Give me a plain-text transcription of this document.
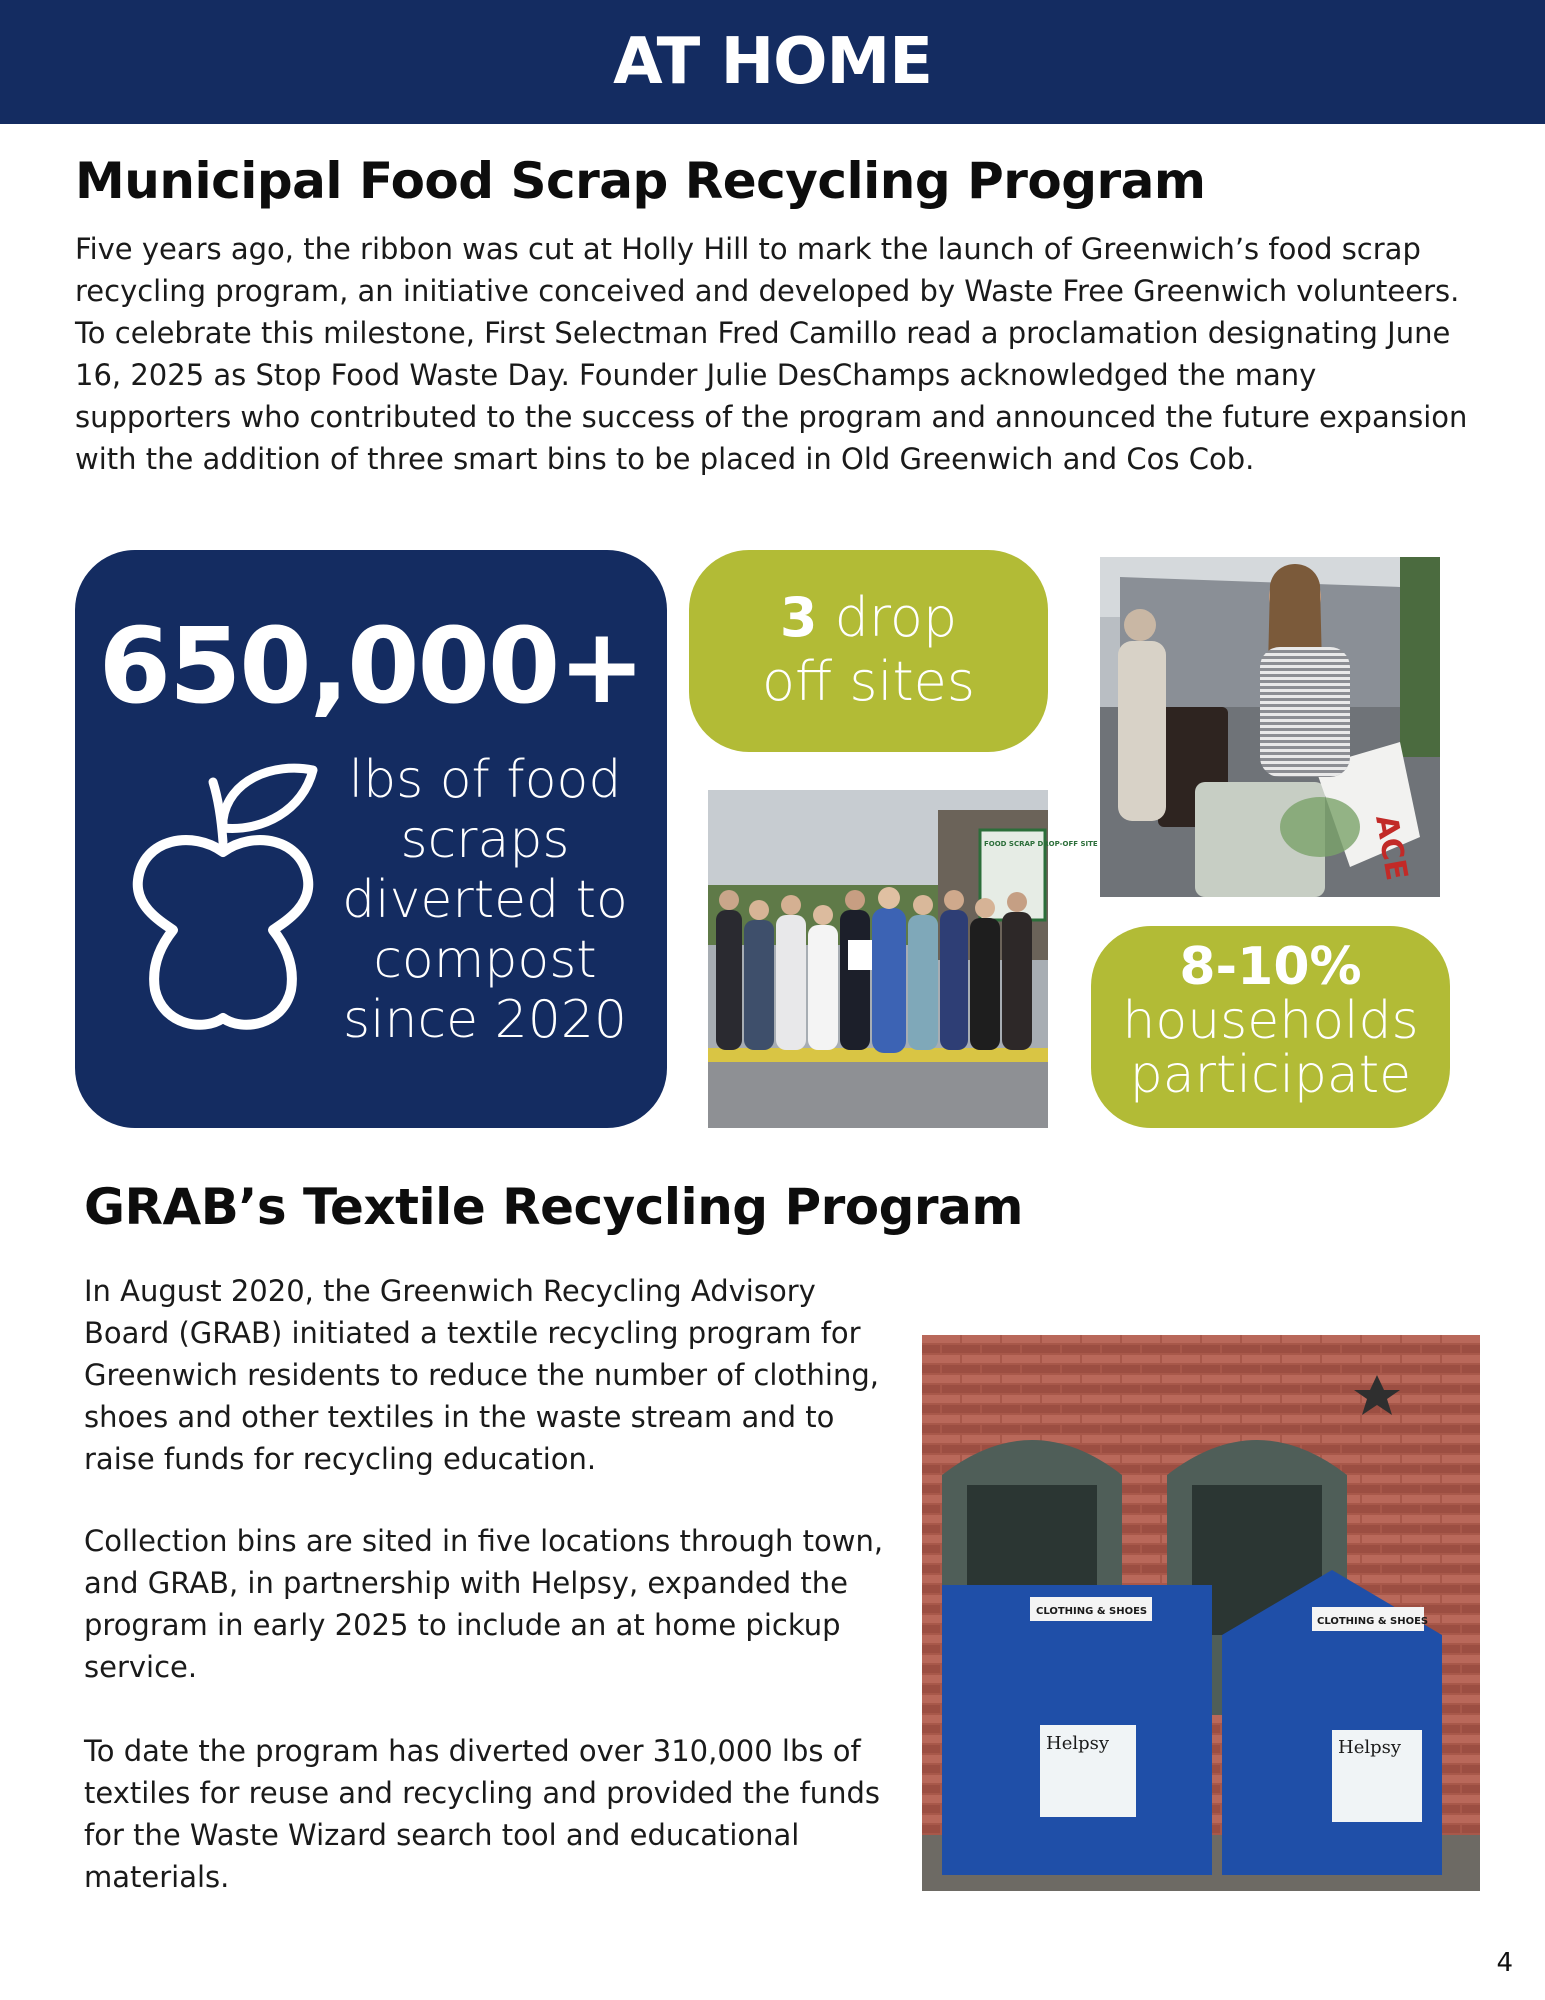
AT HOME
Municipal Food Scrap Recycling Program

Five years ago, the ribbon was cut at Holly Hill to mark the launch of Greenwich’s food scrap recycling program, an initiative conceived and developed by Waste Free Greenwich volunteers. To celebrate this milestone, First Selectman Fred Camillo read a proclamation designating June 16, 2025 as Stop Food Waste Day. Founder Julie DesChamps acknowledged the many supporters who contributed to the success of the program and announced the future expansion with the addition of three smart bins to be placed in Old Greenwich and Cos Cob.

650,000+
lbs of food
scraps
diverted to
compost
since 2020
3 drop
off sites
8-10%
households
participate
ACE
FOOD SCRAP DROP-OFF SITE
GRAB’s Textile Recycling Program

In August 2020, the Greenwich Recycling Advisory Board (GRAB) initiated a textile recycling program for Greenwich residents to reduce the number of clothing, shoes and other textiles in the waste stream and to raise funds for recycling education.

Collection bins are sited in five locations through town, and GRAB, in partnership with Helpsy, expanded the program in early 2025 to include an at home pickup service.

To date the program has diverted over 310,000 lbs of textiles for reuse and recycling and provided the funds for the Waste Wizard search tool and educational materials.

CLOTHING & SHOES
Helpsy
CLOTHING & SHOES
Helpsy
4
